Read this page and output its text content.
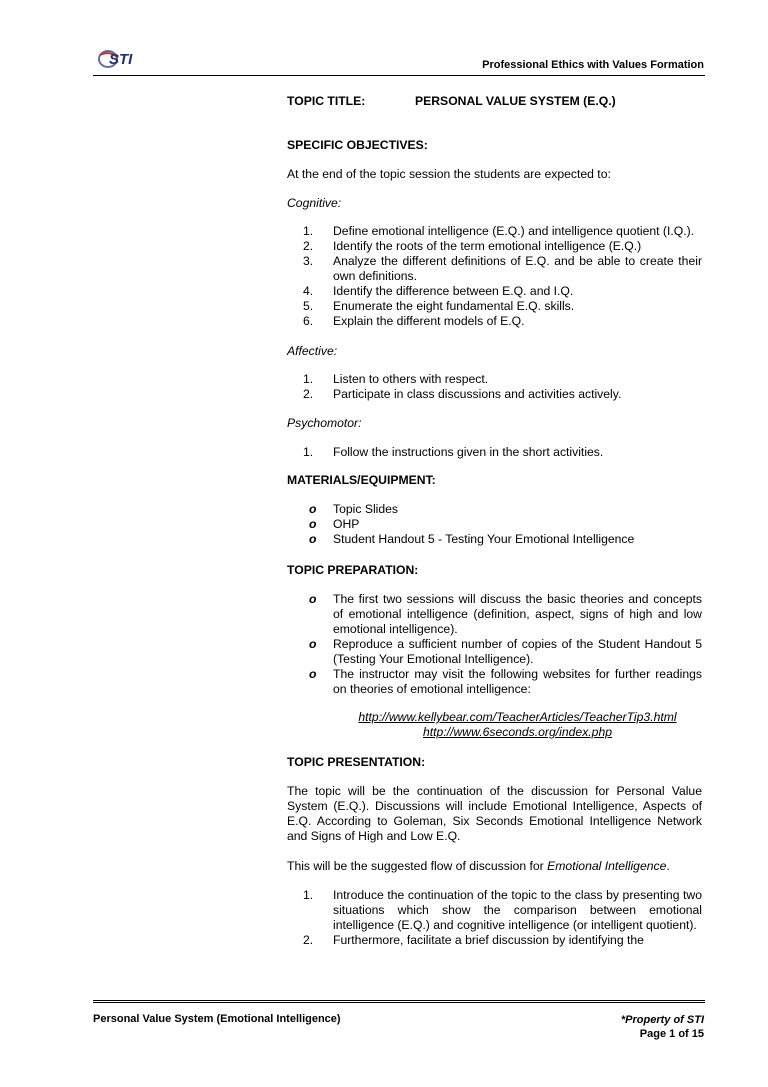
STI	Professional Ethics with Values Formation
TOPIC TITLE:	PERSONAL VALUE SYSTEM (E.Q.)
SPECIFIC OBJECTIVES:
At the end of the topic session the students are expected to:
Cognitive:
1.	Define emotional intelligence (E.Q.) and intelligence quotient (I.Q.).
2.	Identify the roots of the term emotional intelligence (E.Q.)
3.	Analyze the different definitions of E.Q. and be able to create their own definitions.
4.	Identify the difference between E.Q. and I.Q.
5.	Enumerate the eight fundamental E.Q. skills.
6.	Explain the different models of E.Q.
Affective:
1.	Listen to others with respect.
2.	Participate in class discussions and activities actively.
Psychomotor:
1.	Follow the instructions given in the short activities.
MATERIALS/EQUIPMENT:
o	Topic Slides
o	OHP
o	Student Handout 5 - Testing Your Emotional Intelligence
TOPIC PREPARATION:
o	The first two sessions will discuss the basic theories and concepts of emotional intelligence (definition, aspect, signs of high and low emotional intelligence).
o	Reproduce a sufficient number of copies of the Student Handout 5 (Testing Your Emotional Intelligence).
o	The instructor may visit the following websites for further readings on theories of emotional intelligence:
http://www.kellybear.com/TeacherArticles/TeacherTip3.html
http://www.6seconds.org/index.php
TOPIC PRESENTATION:
The topic will be the continuation of the discussion for Personal Value System (E.Q.). Discussions will include Emotional Intelligence, Aspects of E.Q. According to Goleman, Six Seconds Emotional Intelligence Network and Signs of High and Low E.Q.
This will be the suggested flow of discussion for Emotional Intelligence.
1.	Introduce the continuation of the topic to the class by presenting two situations which show the comparison between emotional intelligence (E.Q.) and cognitive intelligence (or intelligent quotient).
2.	Furthermore, facilitate a brief discussion by identifying the
Personal Value System (Emotional Intelligence)	*Property of STI
Page 1 of 15
